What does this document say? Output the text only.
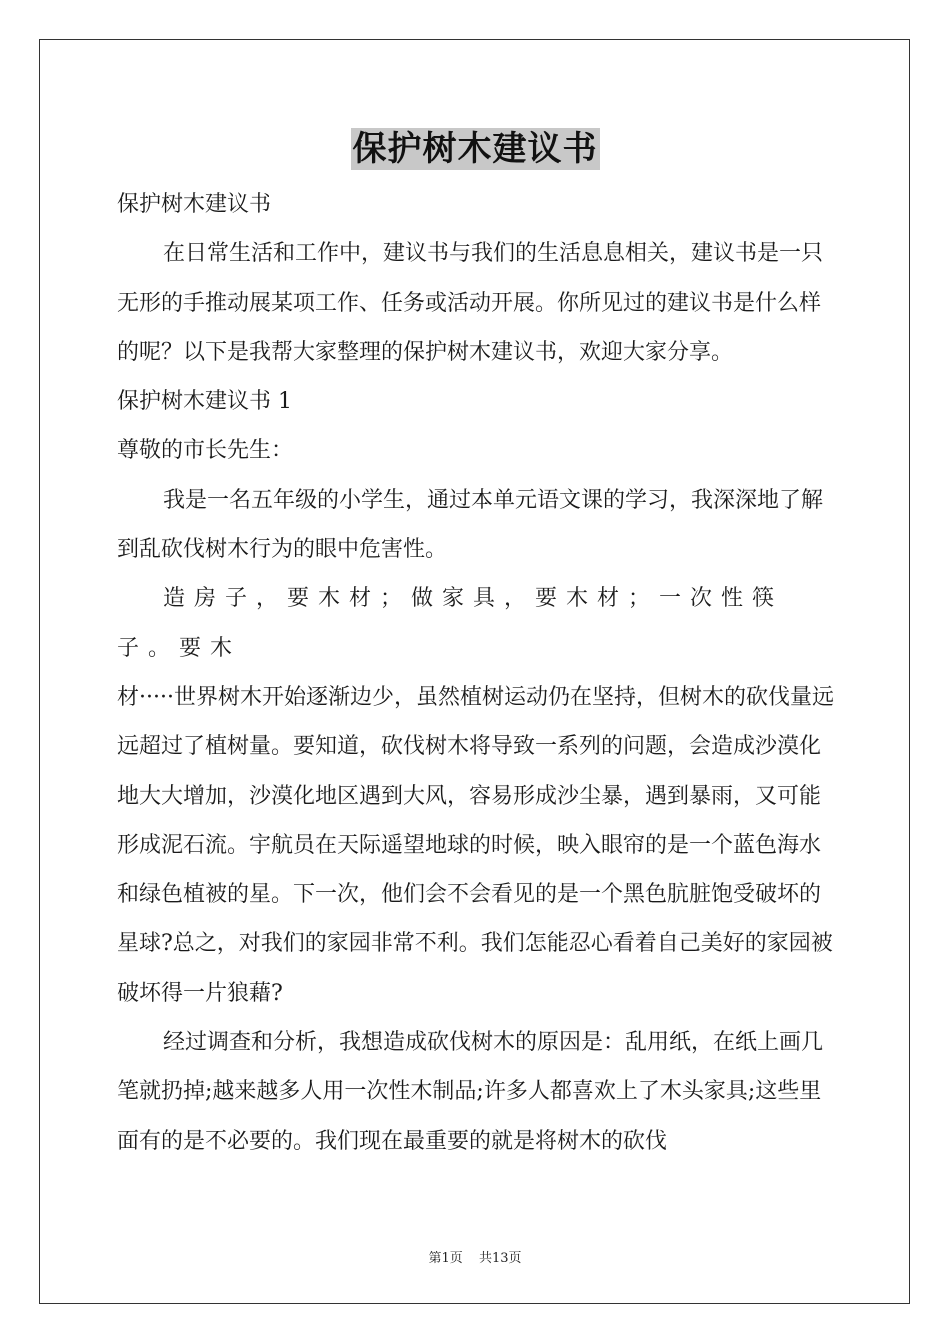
保护树木建议书

保护树木建议书

在日常生活和工作中，建议书与我们的生活息息相关，建议书是一只无形的手推动展某项工作、任务或活动开展。你所见过的建议书是什么样的呢？以下是我帮大家整理的保护树木建议书，欢迎大家分享。

保护树木建议书 1

尊敬的市长先生：

我是一名五年级的小学生，通过本单元语文课的学习，我深深地了解到乱砍伐树木行为的眼中危害性。

造房子，要木材；做家具，要木材；一次性筷子。要木

材·····世界树木开始逐渐边少，虽然植树运动仍在坚持，但树木的砍伐量远远超过了植树量。要知道，砍伐树木将导致一系列的问题，会造成沙漠化地大大增加，沙漠化地区遇到大风，容易形成沙尘暴，遇到暴雨，又可能形成泥石流。宇航员在天际遥望地球的时候，映入眼帘的是一个蓝色海水和绿色植被的星。下一次，他们会不会看见的是一个黑色肮脏饱受破坏的星球?总之，对我们的家园非常不利。我们怎能忍心看着自己美好的家园被破坏得一片狼藉?

经过调查和分析，我想造成砍伐树木的原因是：乱用纸，在纸上画几笔就扔掉;越来越多人用一次性木制品;许多人都喜欢上了木头家具;这些里面有的是不必要的。我们现在最重要的就是将树木的砍伐

第1页 共13页
